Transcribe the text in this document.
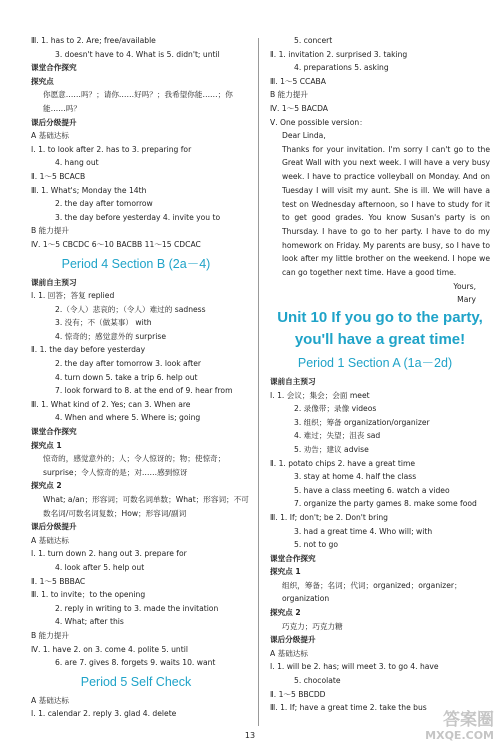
Ⅲ. 1. has to 2. Are; free/available
3. doesn't have to 4. What is 5. didn't; until
课堂合作探究
探究点
你愿意……吗？；请你……好吗？；我希望你能……；你能……吗？
课后分级提升
A 基础达标
Ⅰ. 1. to look after 2. has to 3. preparing for
4. hang out
Ⅱ. 1～5 BCACB
Ⅲ. 1. What's; Monday the 14th
2. the day after tomorrow
3. the day before yesterday 4. invite you to
B 能力提升
Ⅳ. 1～5 CBCDC 6～10 BACBB 11～15 CDCAC
Period 4 Section B (2a－4)
课前自主预习
Ⅰ. 1. 回答；答复 replied
2.（令人）悲哀的；（令人）难过的 sadness
3. 没有；不（做某事） with
4. 惊奇的；感觉意外的 surprise
Ⅱ. 1. the day before yesterday
2. the day after tomorrow 3. look after
4. turn down 5. take a trip 6. help out
7. look forward to 8. at the end of 9. hear from
Ⅲ. 1. What kind of 2. Yes; can 3. When are
4. When and where 5. Where is; going
课堂合作探究
探究点 1
惊奇的，感觉意外的；人；令人惊讶的；物；使惊奇；surprise；令人惊奇的是；对……感到惊讶
探究点 2
What; a/an；形容词；可数名词单数；What；形容词；不可数名词/可数名词复数；How；形容词/副词
课后分级提升
A 基础达标
Ⅰ. 1. turn down 2. hang out 3. prepare for
4. look after 5. help out
Ⅱ. 1～5 BBBAC
Ⅲ. 1. to invite；to the opening
2. reply in writing to 3. made the invitation
4. What; after this
B 能力提升
Ⅳ. 1. have 2. on 3. come 4. polite 5. until
6. are 7. gives 8. forgets 9. waits 10. want
Period 5 Self Check
A 基础达标
Ⅰ. 1. calendar 2. reply 3. glad 4. delete
5. concert
Ⅱ. 1. invitation 2. surprised 3. taking
4. preparations 5. asking
Ⅲ. 1～5 CCABA
B 能力提升
Ⅳ. 1～5 BACDA
Ⅴ. One possible version：
Dear Linda,
Thanks for your invitation. I'm sorry I can't go to the Great Wall with you next week. I will have a very busy week. I have to practice volleyball on Monday. And on Tuesday I will visit my aunt. She is ill. We will have a test on Wednesday afternoon, so I have to study for it to get good grades. You know Susan's party is on Thursday. I have to go to her party. I have to do my homework on Friday. My parents are busy, so I have to look after my little brother on the weekend. I hope we can go together next time. Have a good time.
Yours,
Mary
Unit 10 If you go to the party,
you'll have a great time!
Period 1 Section A (1a－2d)
课前自主预习
Ⅰ. 1. 会议；集会；会面 meet
2. 录像带；录像 videos
3. 组织；筹备 organization/organizer
4. 难过；失望；沮丧 sad
5. 劝告；建议 advise
Ⅱ. 1. potato chips 2. have a great time
3. stay at home 4. half the class
5. have a class meeting 6. watch a video
7. organize the party games 8. make some food
Ⅲ. 1. If; don't; be 2. Don't bring
3. had a great time 4. Who will; with
5. not to go
课堂合作探究
探究点 1
组织，筹备；名词；代词；organized；organizer；organization
探究点 2
巧克力；巧克力糖
课后分级提升
A 基础达标
Ⅰ. 1. will be 2. has; will meet 3. to go 4. have
5. chocolate
Ⅱ. 1～5 BBCDD
Ⅲ. 1. If; have a great time 2. take the bus
13
答案圈
MXQE.COM
